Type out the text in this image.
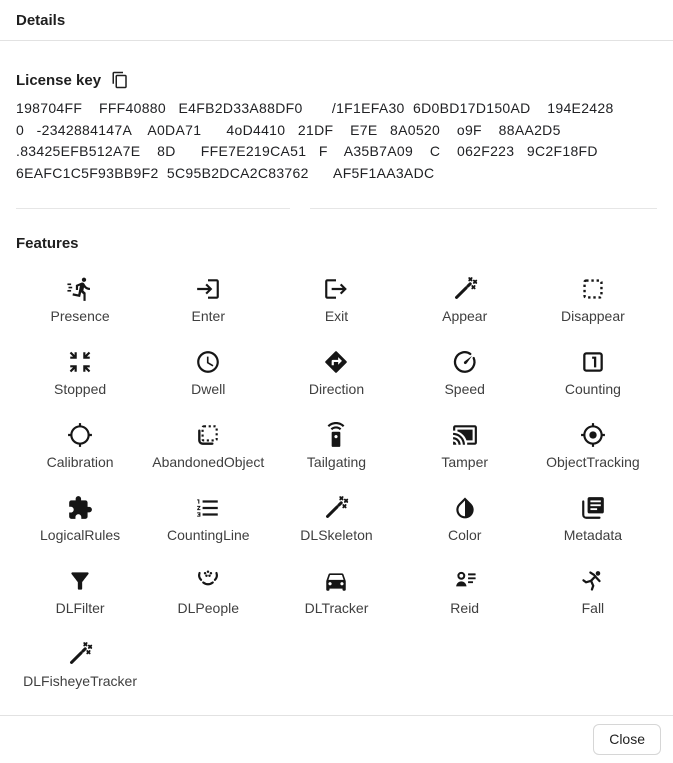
Details
License key
198704FF    FFF40880   E4FB2D33A88DF0       /1F1EFA30  6D0BD17D150AD    194E2428
0   -2342884147A    A0DA71      4oD4410   21DF    E7E   8A0520    o9F    88AA2D5
.83425EFB512A7E    8D      FFE7E219CA51   F    A35B7A09    C    062F223   9C2F18FD
6EAFC1C5F93BB9F2  5C95B2DCA2C83762      AF5F1AA3ADC
Features
Presence	Enter	Exit	Appear	Disappear
Stopped	Dwell	Direction	Speed	Counting
Calibration	AbandonedObject	Tailgating	Tamper	ObjectTracking
LogicalRules	CountingLine	DLSkeleton	Color	Metadata
DLFilter	DLPeople	DLTracker	Reid	Fall
DLFisheyeTracker
Close
